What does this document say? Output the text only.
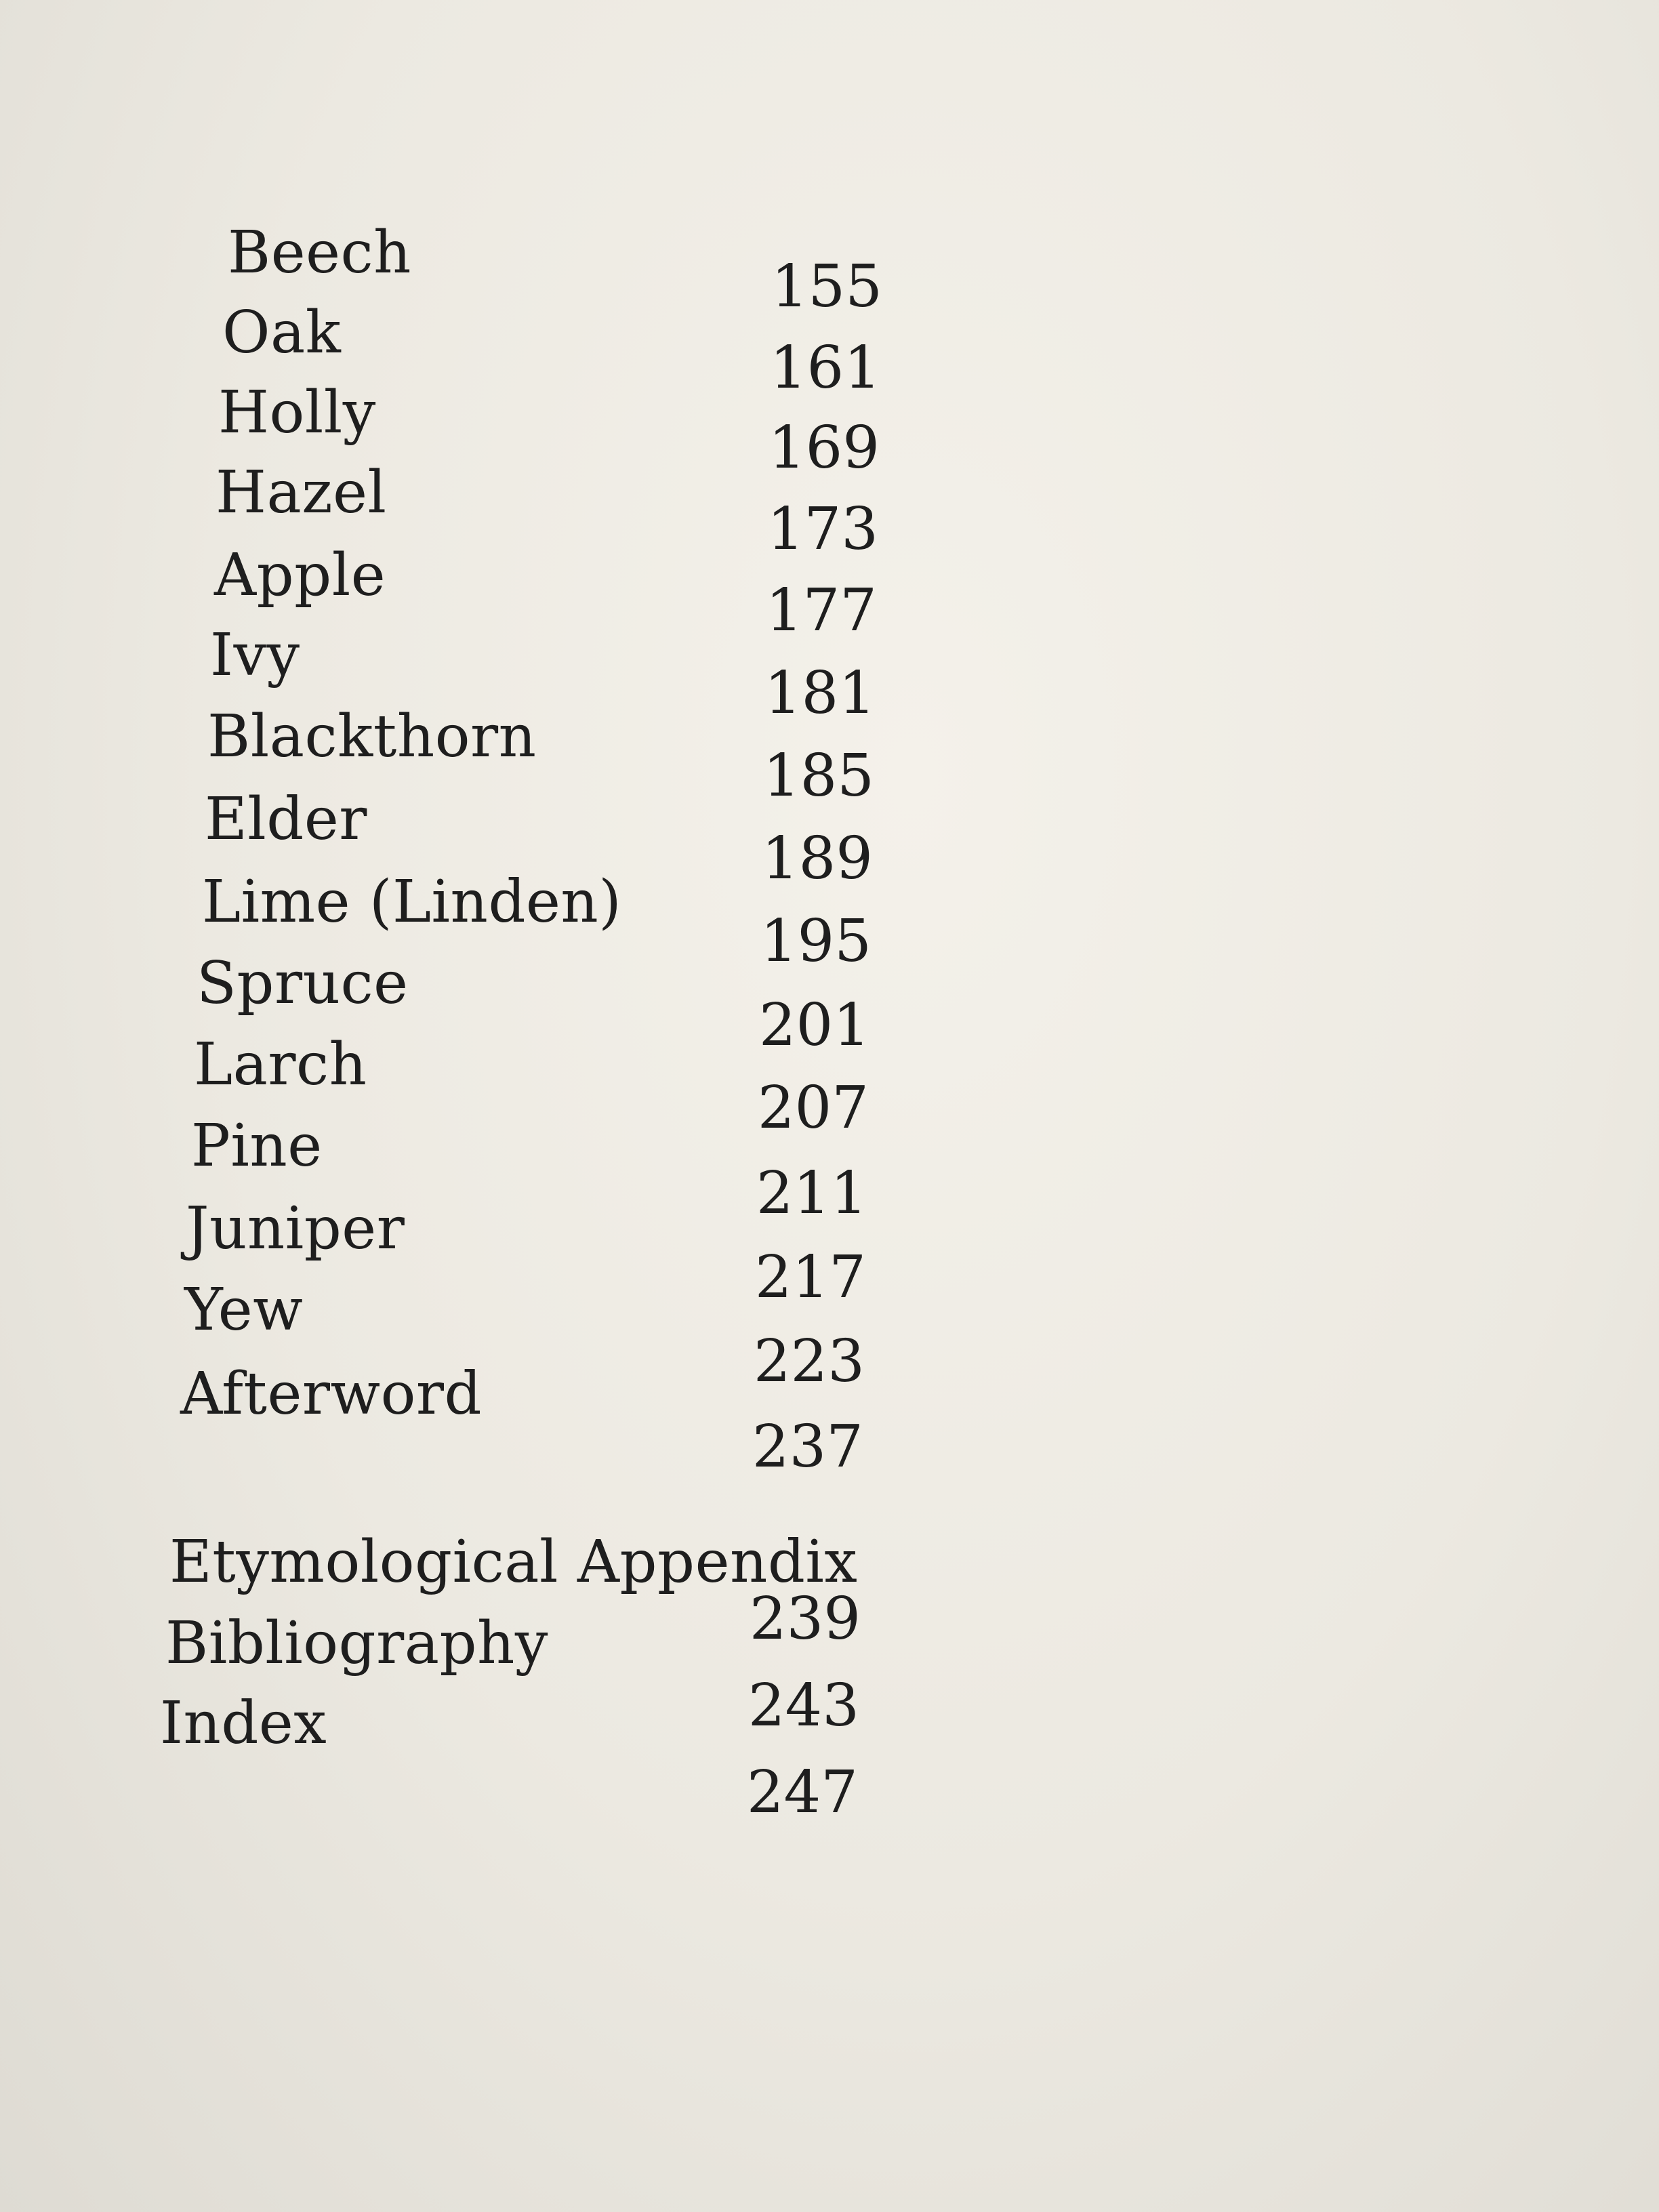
Beech
Oak
Holly
Hazel
Apple
Ivy
Blackthorn
Elder
Lime (Linden)
Spruce
Larch
Pine
Juniper
Yew
Afterword
Etymological Appendix
Bibliography
Index
155
161
169
173
177
181
185
189
195
201
207
211
217
223
237
239
243
247
